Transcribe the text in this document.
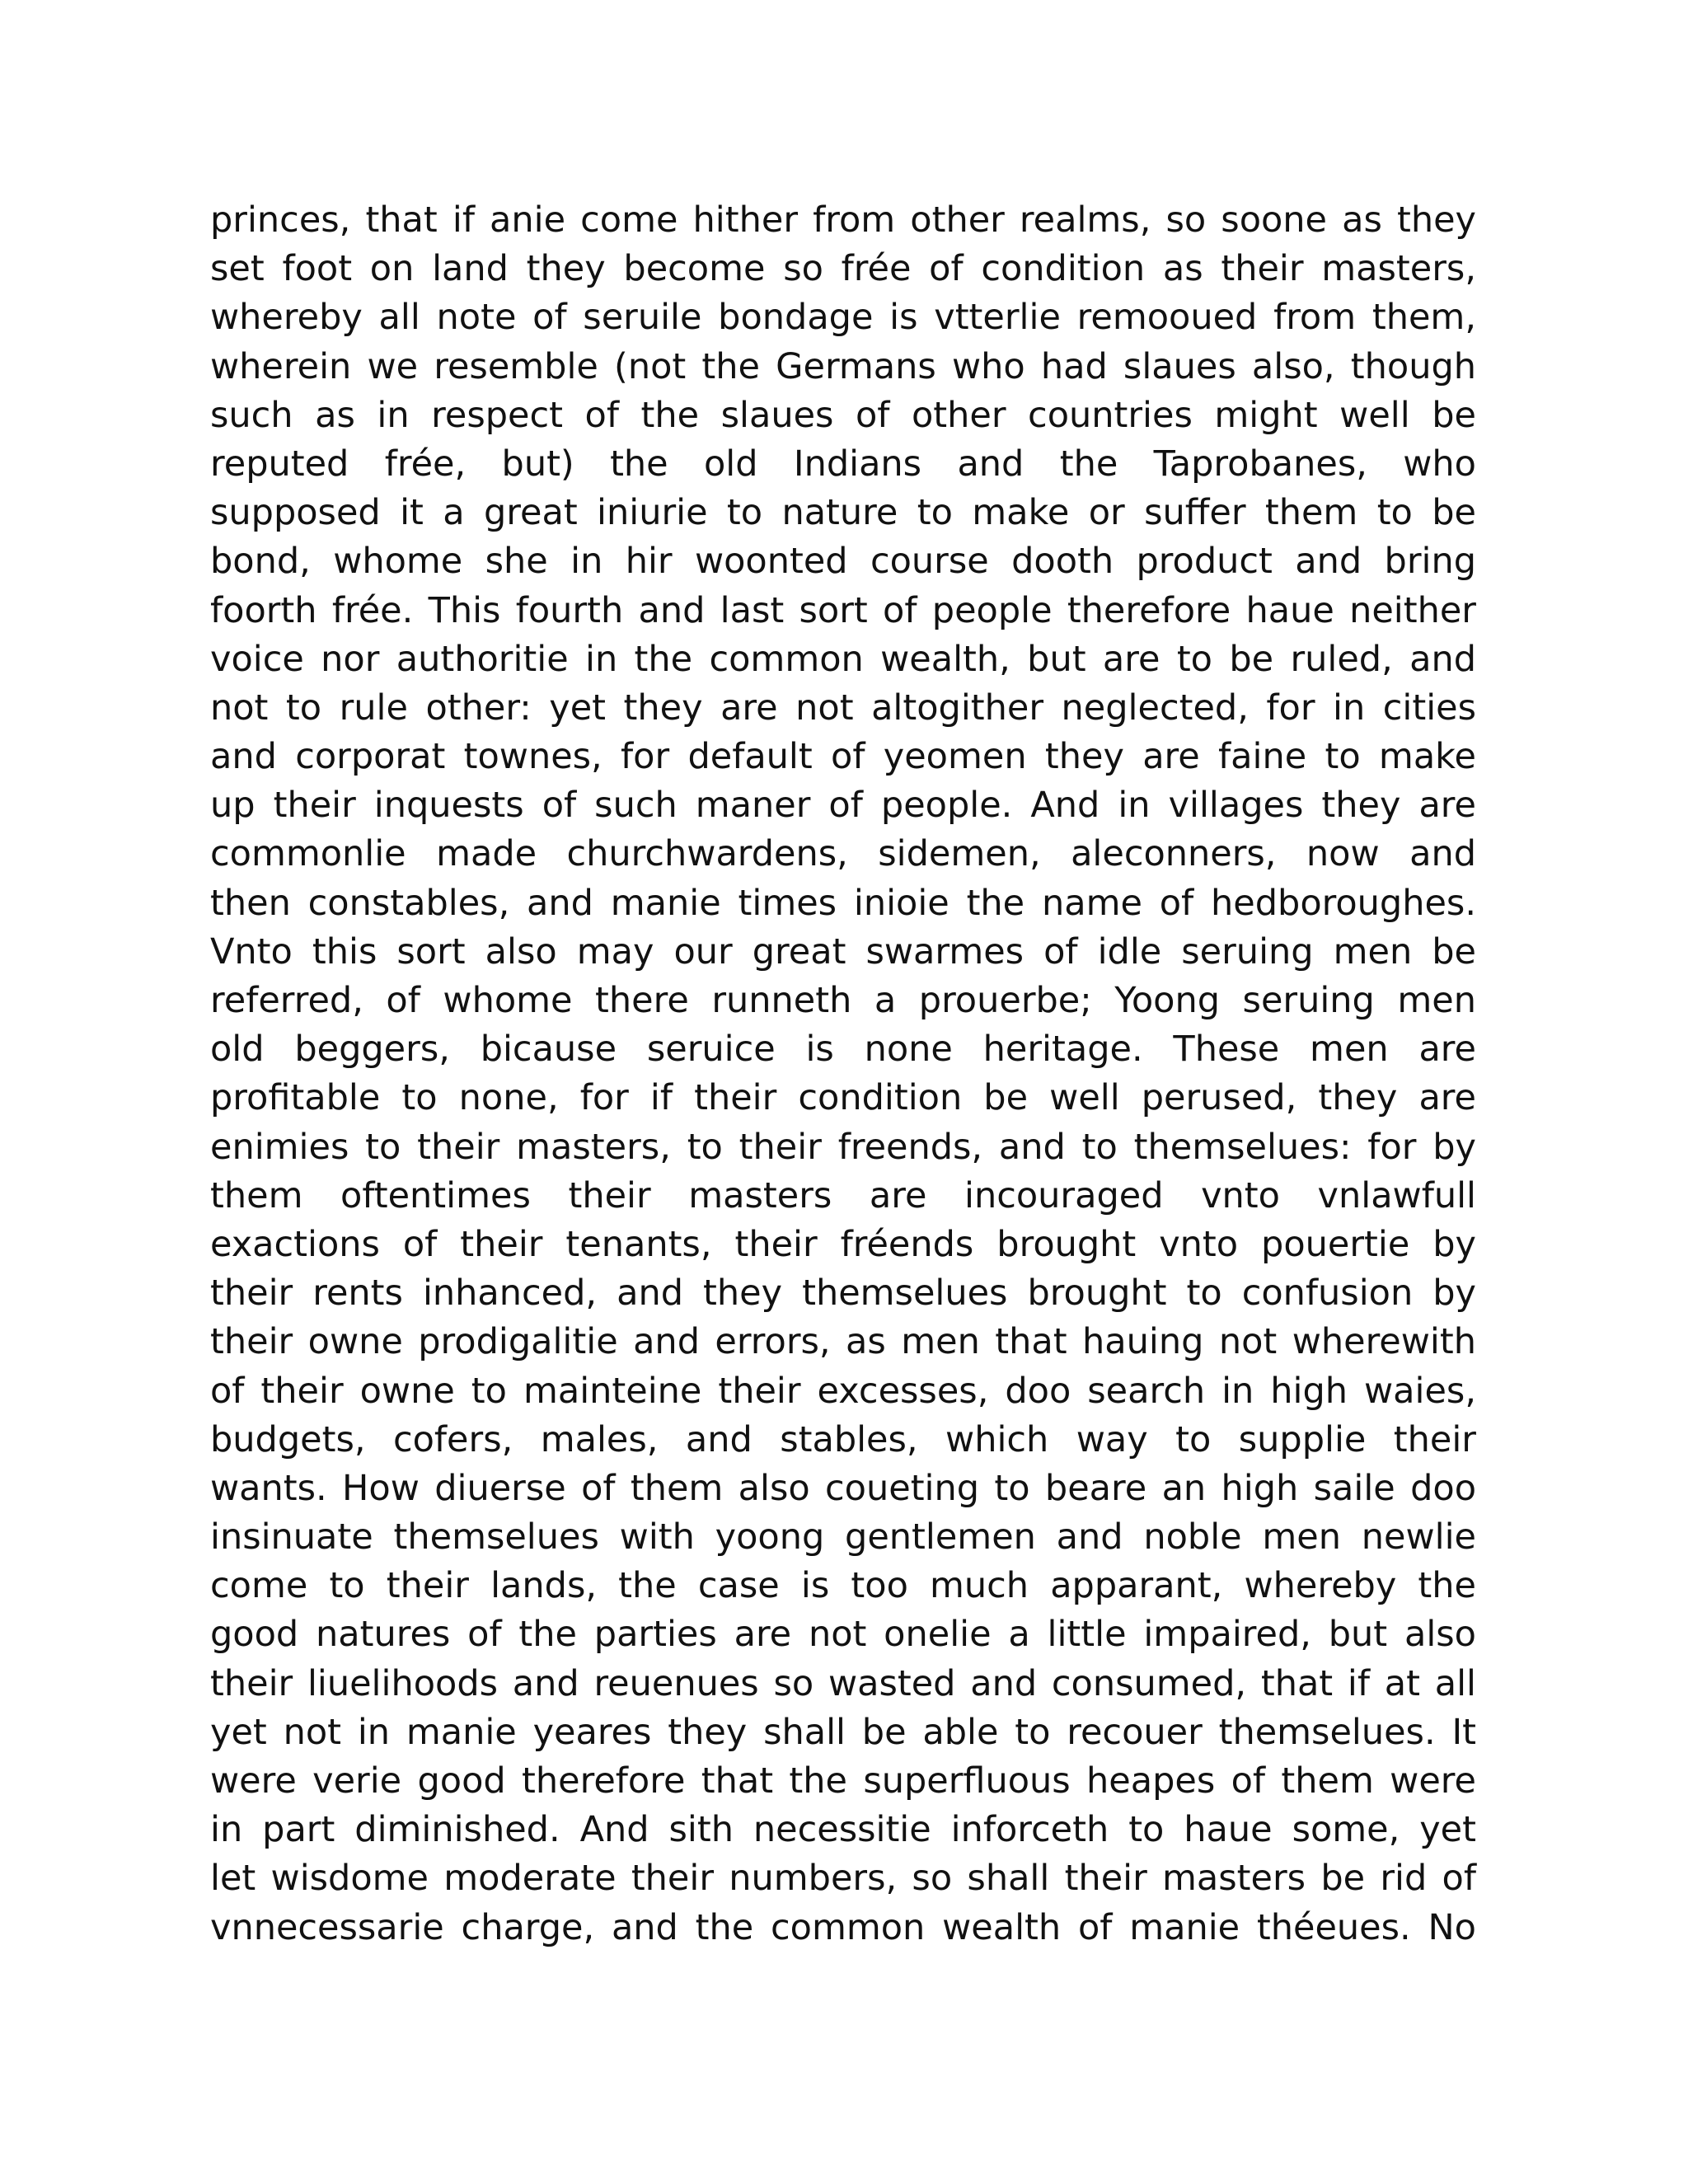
princes, that if anie come hither from other realms, so soone as they
set foot on land they become so frée of condition as their masters,
whereby all note of seruile bondage is vtterlie remooued from them,
wherein we resemble (not the Germans who had slaues also, though
such as in respect of the slaues of other countries might well be
reputed frée, but) the old Indians and the Taprobanes, who
supposed it a great iniurie to nature to make or suffer them to be
bond, whome she in hir woonted course dooth product and bring
foorth frée. This fourth and last sort of people therefore haue neither
voice nor authoritie in the common wealth, but are to be ruled, and
not to rule other: yet they are not altogither neglected, for in cities
and corporat townes, for default of yeomen they are faine to make
up their inquests of such maner of people. And in villages they are
commonlie made churchwardens, sidemen, aleconners, now and
then constables, and manie times inioie the name of hedboroughes.
Vnto this sort also may our great swarmes of idle seruing men be
referred, of whome there runneth a prouerbe; Yoong seruing men
old beggers, bicause seruice is none heritage. These men are
profitable to none, for if their condition be well perused, they are
enimies to their masters, to their freends, and to themselues: for by
them oftentimes their masters are incouraged vnto vnlawfull
exactions of their tenants, their fréends brought vnto pouertie by
their rents inhanced, and they themselues brought to confusion by
their owne prodigalitie and errors, as men that hauing not wherewith
of their owne to mainteine their excesses, doo search in high waies,
budgets, cofers, males, and stables, which way to supplie their
wants. How diuerse of them also coueting to beare an high saile doo
insinuate themselues with yoong gentlemen and noble men newlie
come to their lands, the case is too much apparant, whereby the
good natures of the parties are not onelie a little impaired, but also
their liuelihoods and reuenues so wasted and consumed, that if at all
yet not in manie yeares they shall be able to recouer themselues. It
were verie good therefore that the superfluous heapes of them were
in part diminished. And sith necessitie inforceth to haue some, yet
let wisdome moderate their numbers, so shall their masters be rid of
vnnecessarie charge, and the common wealth of manie théeues. No
